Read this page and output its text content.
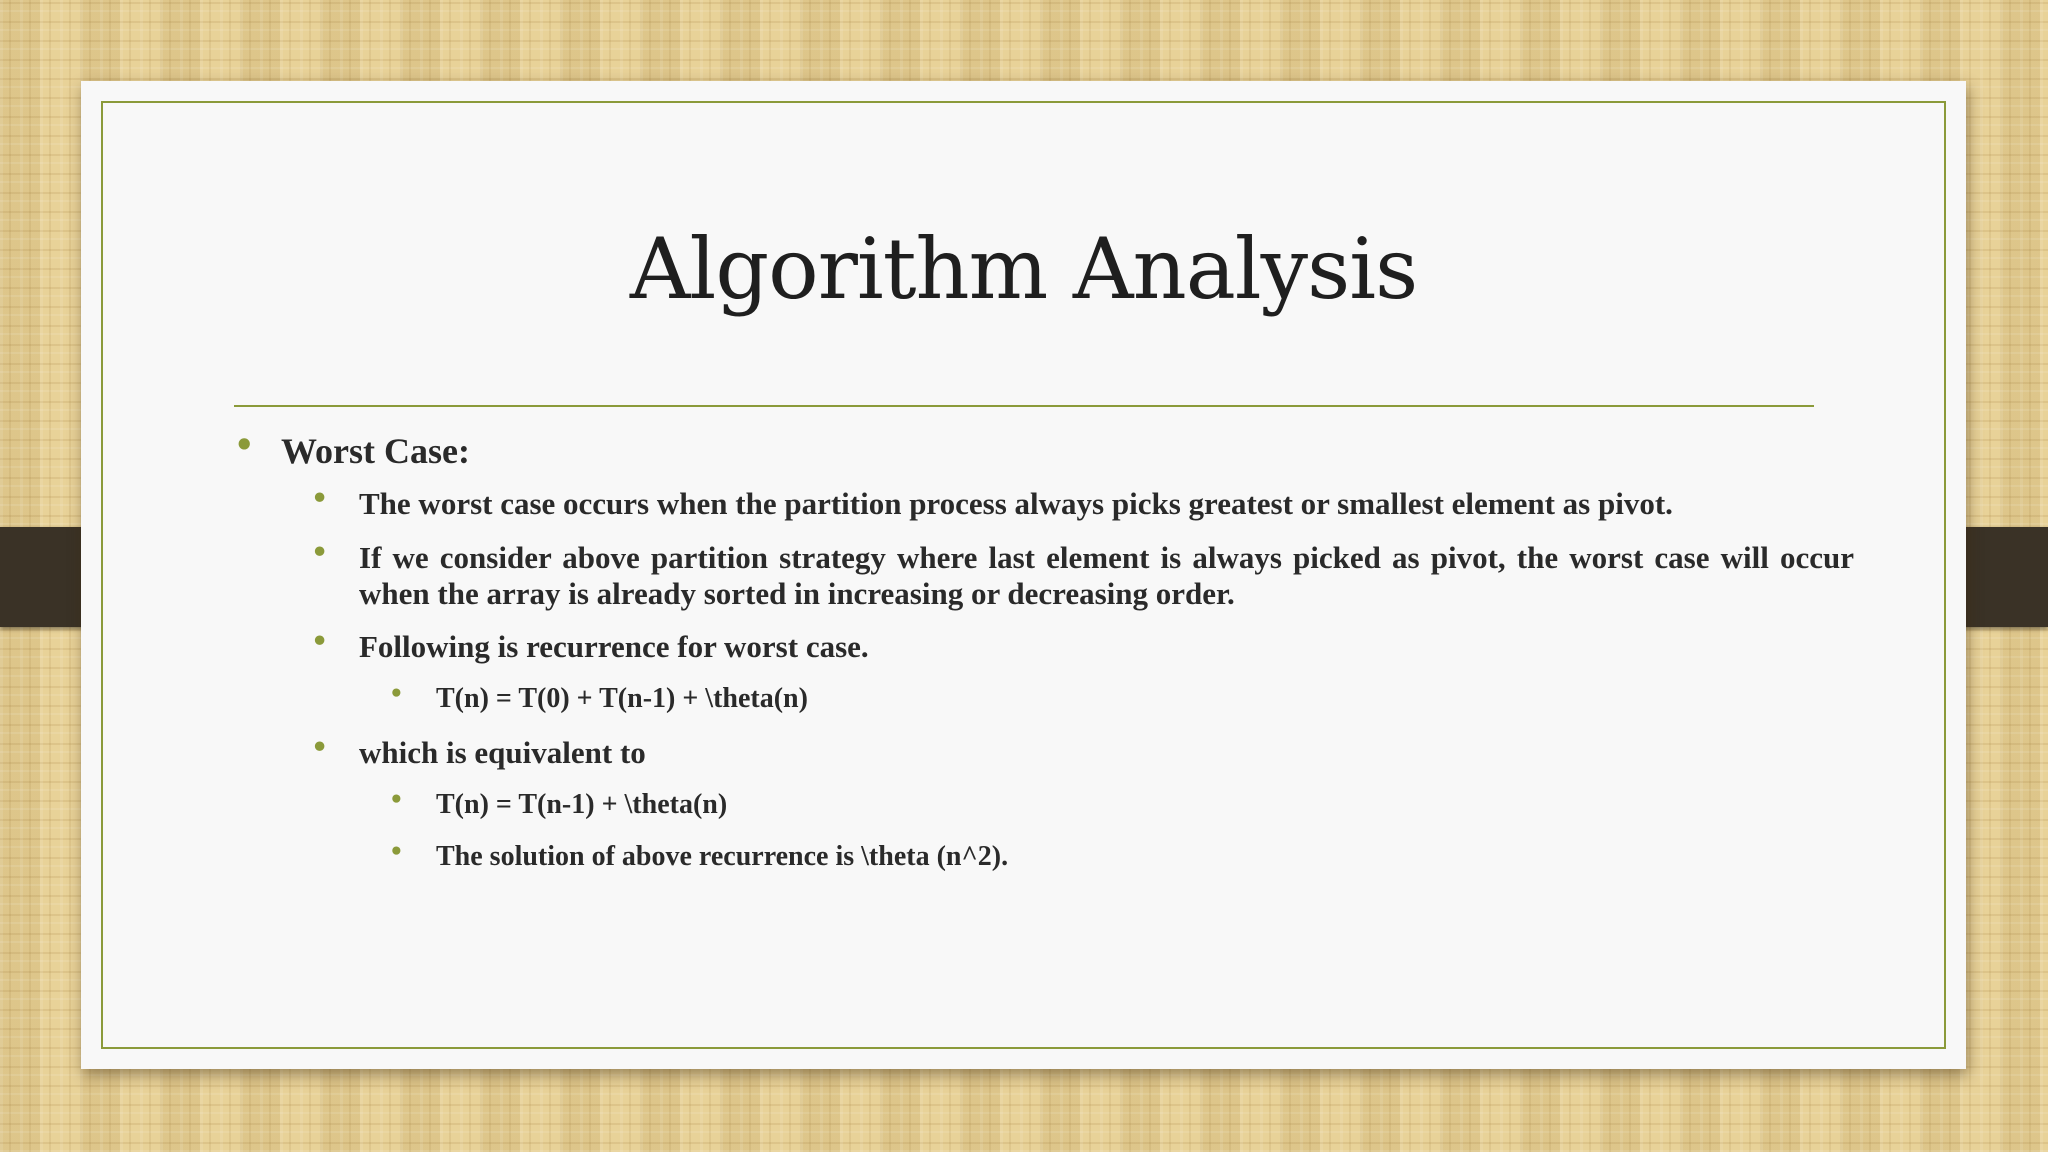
Algorithm Analysis
• Worst Case:
• The worst case occurs when the partition process always picks greatest or smallest element as pivot.
• If we consider above partition strategy where last element is always picked as pivot, the worst case will occur when the array is already sorted in increasing or decreasing order.
• Following is recurrence for worst case.
• T(n) = T(0) + T(n-1) + \theta(n)
• which is equivalent to
• T(n) = T(n-1) + \theta(n)
• The solution of above recurrence is \theta (n^2).
